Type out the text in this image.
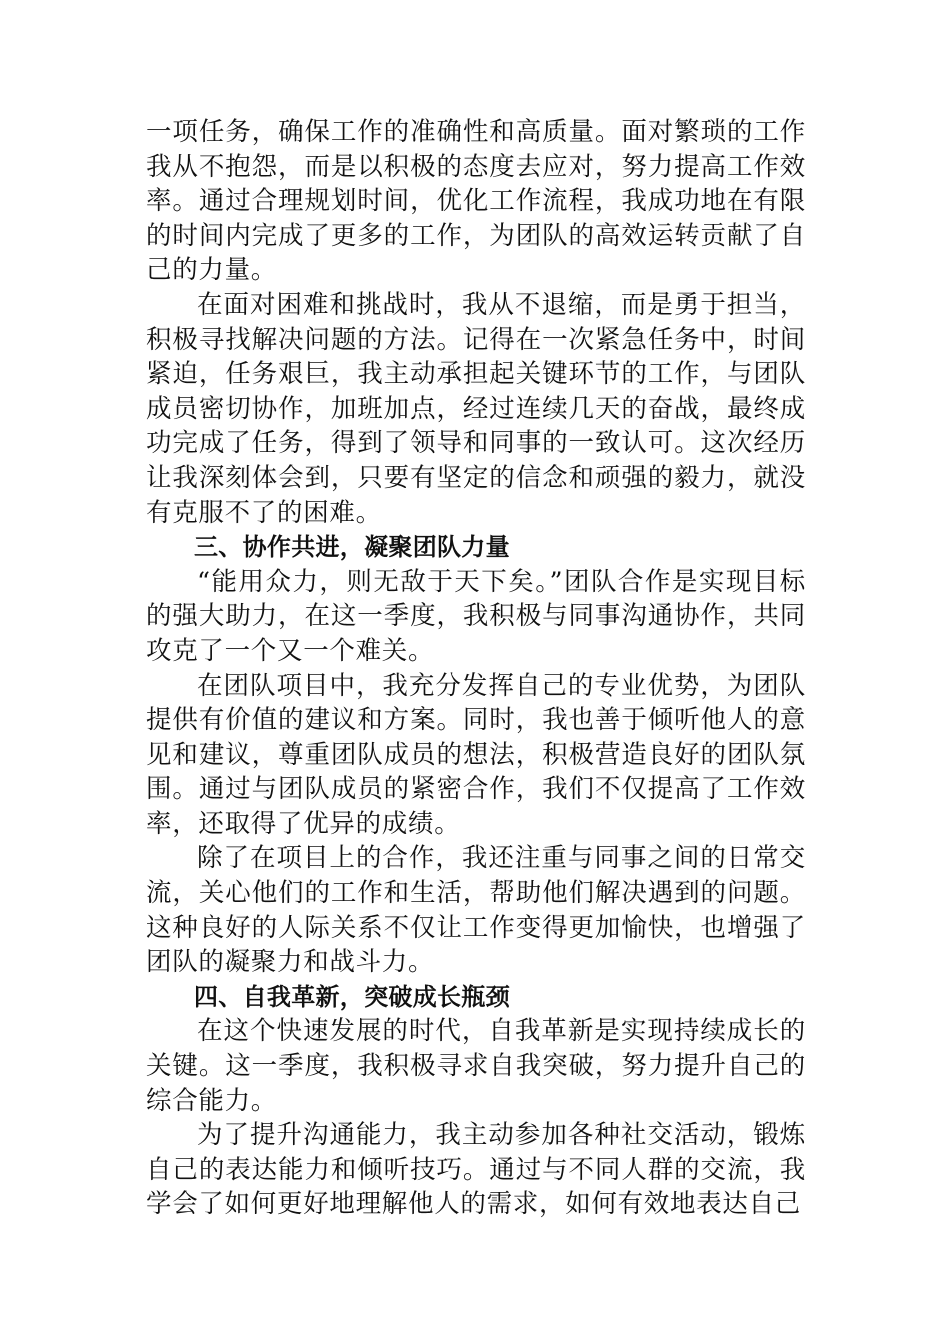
一项任务，确保工作的准确性和高质量。面对繁琐的工作我从不抱怨，而是以积极的态度去应对，努力提高工作效率。通过合理规划时间，优化工作流程，我成功地在有限的时间内完成了更多的工作，为团队的高效运转贡献了自己的力量。

在面对困难和挑战时，我从不退缩，而是勇于担当，积极寻找解决问题的方法。记得在一次紧急任务中，时间紧迫，任务艰巨，我主动承担起关键环节的工作，与团队成员密切协作，加班加点，经过连续几天的奋战，最终成功完成了任务，得到了领导和同事的一致认可。这次经历让我深刻体会到，只要有坚定的信念和顽强的毅力，就没有克服不了的困难。

三、协作共进，凝聚团队力量

“能用众力，则无敌于天下矣。”团队合作是实现目标的强大助力，在这一季度，我积极与同事沟通协作，共同攻克了一个又一个难关。

在团队项目中，我充分发挥自己的专业优势，为团队提供有价值的建议和方案。同时，我也善于倾听他人的意见和建议，尊重团队成员的想法，积极营造良好的团队氛围。通过与团队成员的紧密合作，我们不仅提高了工作效率，还取得了优异的成绩。

除了在项目上的合作，我还注重与同事之间的日常交流，关心他们的工作和生活，帮助他们解决遇到的问题。这种良好的人际关系不仅让工作变得更加愉快，也增强了团队的凝聚力和战斗力。

四、自我革新，突破成长瓶颈

在这个快速发展的时代，自我革新是实现持续成长的关键。这一季度，我积极寻求自我突破，努力提升自己的综合能力。

为了提升沟通能力，我主动参加各种社交活动，锻炼自己的表达能力和倾听技巧。通过与不同人群的交流，我学会了如何更好地理解他人的需求，如何有效地表达自己
